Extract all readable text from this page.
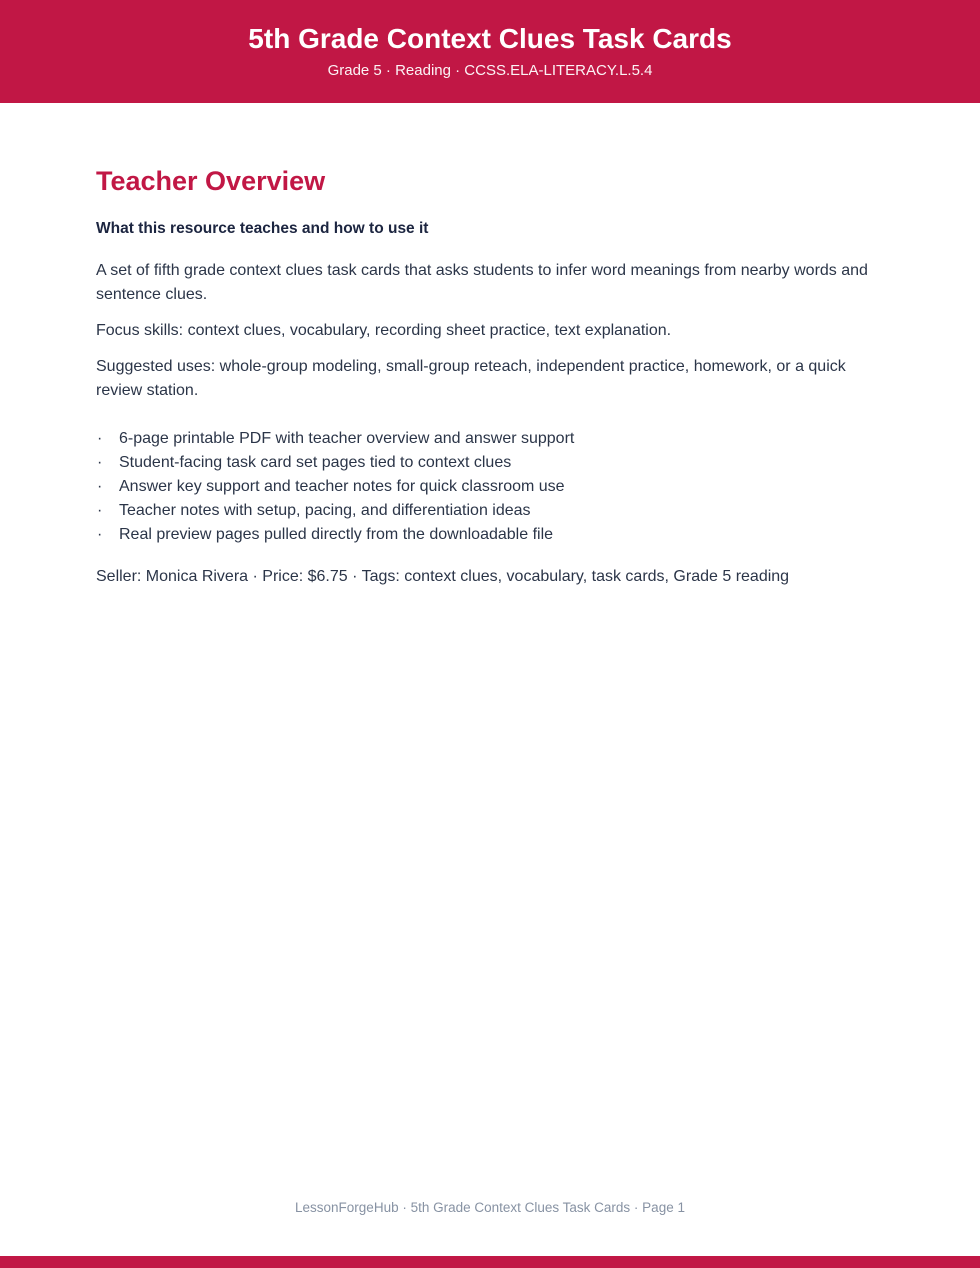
5th Grade Context Clues Task Cards
Grade 5 · Reading · CCSS.ELA-LITERACY.L.5.4
Teacher Overview
What this resource teaches and how to use it

A set of fifth grade context clues task cards that asks students to infer word meanings from nearby words and sentence clues.

Focus skills: context clues, vocabulary, recording sheet practice, text explanation.

Suggested uses: whole-group modeling, small-group reteach, independent practice, homework, or a quick review station.

· 6-page printable PDF with teacher overview and answer support
· Student-facing task card set pages tied to context clues
· Answer key support and teacher notes for quick classroom use
· Teacher notes with setup, pacing, and differentiation ideas
· Real preview pages pulled directly from the downloadable file

Seller: Monica Rivera · Price: $6.75 · Tags: context clues, vocabulary, task cards, Grade 5 reading

LessonForgeHub · 5th Grade Context Clues Task Cards · Page 1
